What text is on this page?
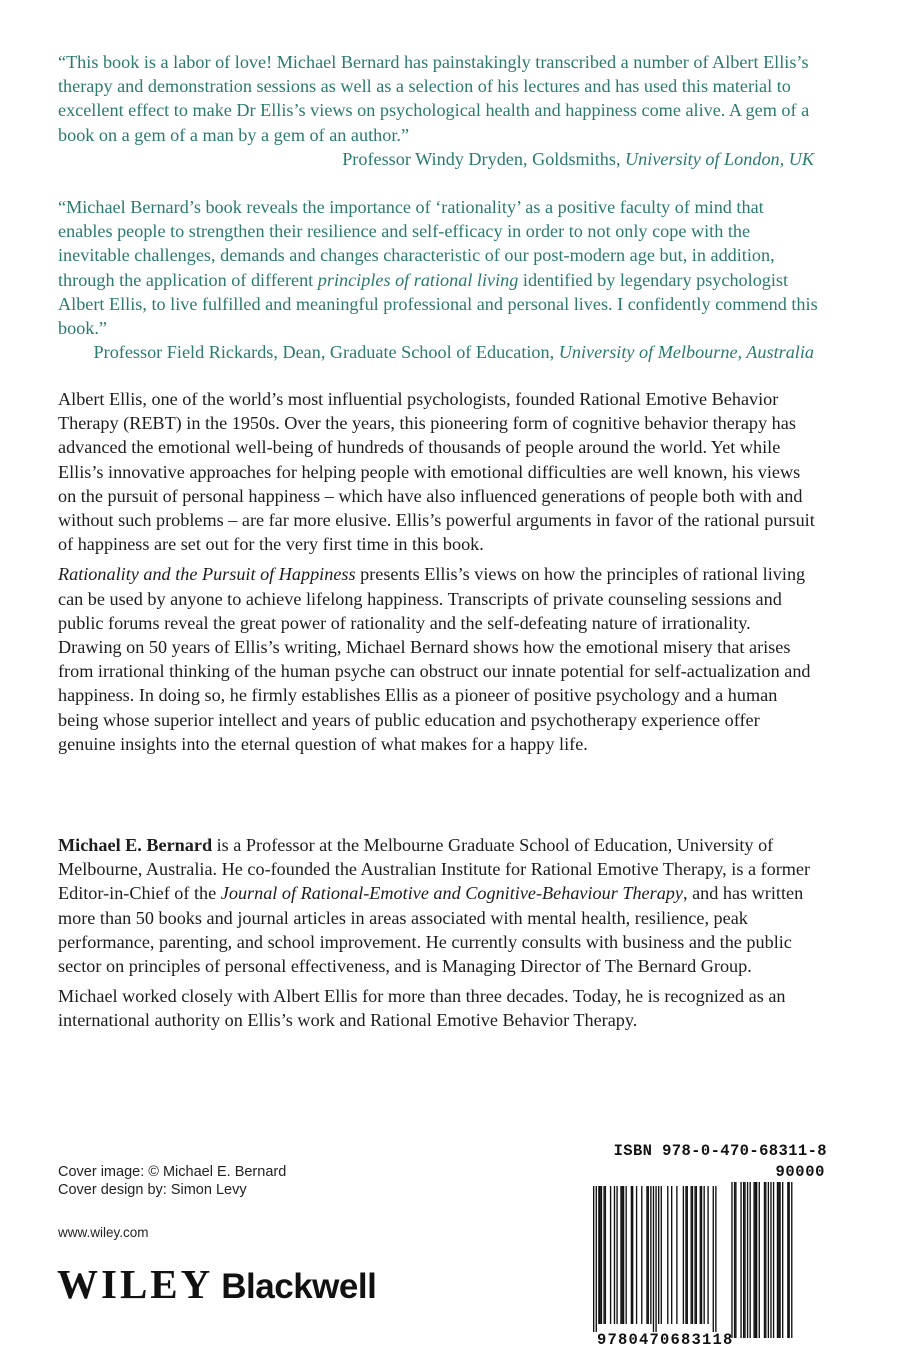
“This book is a labor of love! Michael Bernard has painstakingly transcribed a number of Albert Ellis’s therapy and demonstration sessions as well as a selection of his lectures and has used this material to excellent effect to make Dr Ellis’s views on psychological health and happiness come alive. A gem of a book on a gem of a man by a gem of an author.”

Professor Windy Dryden, Goldsmiths, University of London, UK

“Michael Bernard’s book reveals the importance of ‘rationality’ as a positive faculty of mind that enables people to strengthen their resilience and self-efficacy in order to not only cope with the inevitable challenges, demands and changes characteristic of our post-modern age but, in addition, through the application of different principles of rational living identified by legendary psychologist Albert Ellis, to live fulfilled and meaningful professional and personal lives. I confidently commend this book.”

Professor Field Rickards, Dean, Graduate School of Education, University of Melbourne, Australia

Albert Ellis, one of the world’s most influential psychologists, founded Rational Emotive Behavior Therapy (REBT) in the 1950s. Over the years, this pioneering form of cognitive behavior therapy has advanced the emotional well-being of hundreds of thousands of people around the world. Yet while Ellis’s innovative approaches for helping people with emotional difficulties are well known, his views on the pursuit of personal happiness – which have also influenced generations of people both with and without such problems – are far more elusive. Ellis’s powerful arguments in favor of the rational pursuit of happiness are set out for the very first time in this book.

Rationality and the Pursuit of Happiness presents Ellis’s views on how the principles of rational living can be used by anyone to achieve lifelong happiness. Transcripts of private counseling sessions and public forums reveal the great power of rationality and the self-defeating nature of irrationality. Drawing on 50 years of Ellis’s writing, Michael Bernard shows how the emotional misery that arises from irrational thinking of the human psyche can obstruct our innate potential for self-actualization and happiness. In doing so, he firmly establishes Ellis as a pioneer of positive psychology and a human being whose superior intellect and years of public education and psychotherapy experience offer genuine insights into the eternal question of what makes for a happy life.

Michael E. Bernard is a Professor at the Melbourne Graduate School of Education, University of Melbourne, Australia. He co-founded the Australian Institute for Rational Emotive Therapy, is a former Editor-in-Chief of the Journal of Rational-Emotive and Cognitive-Behaviour Therapy, and has written more than 50 books and journal articles in areas associated with mental health, resilience, peak performance, parenting, and school improvement. He currently consults with business and the public sector on principles of personal effectiveness, and is Managing Director of The Bernard Group.

Michael worked closely with Albert Ellis for more than three decades. Today, he is recognized as an international authority on Ellis’s work and Rational Emotive Behavior Therapy.

Cover image: © Michael E. Bernard
Cover design by: Simon Levy
www.wiley.com
WILEY Blackwell
ISBN 978-0-470-68311-8
9780470683118
90000
